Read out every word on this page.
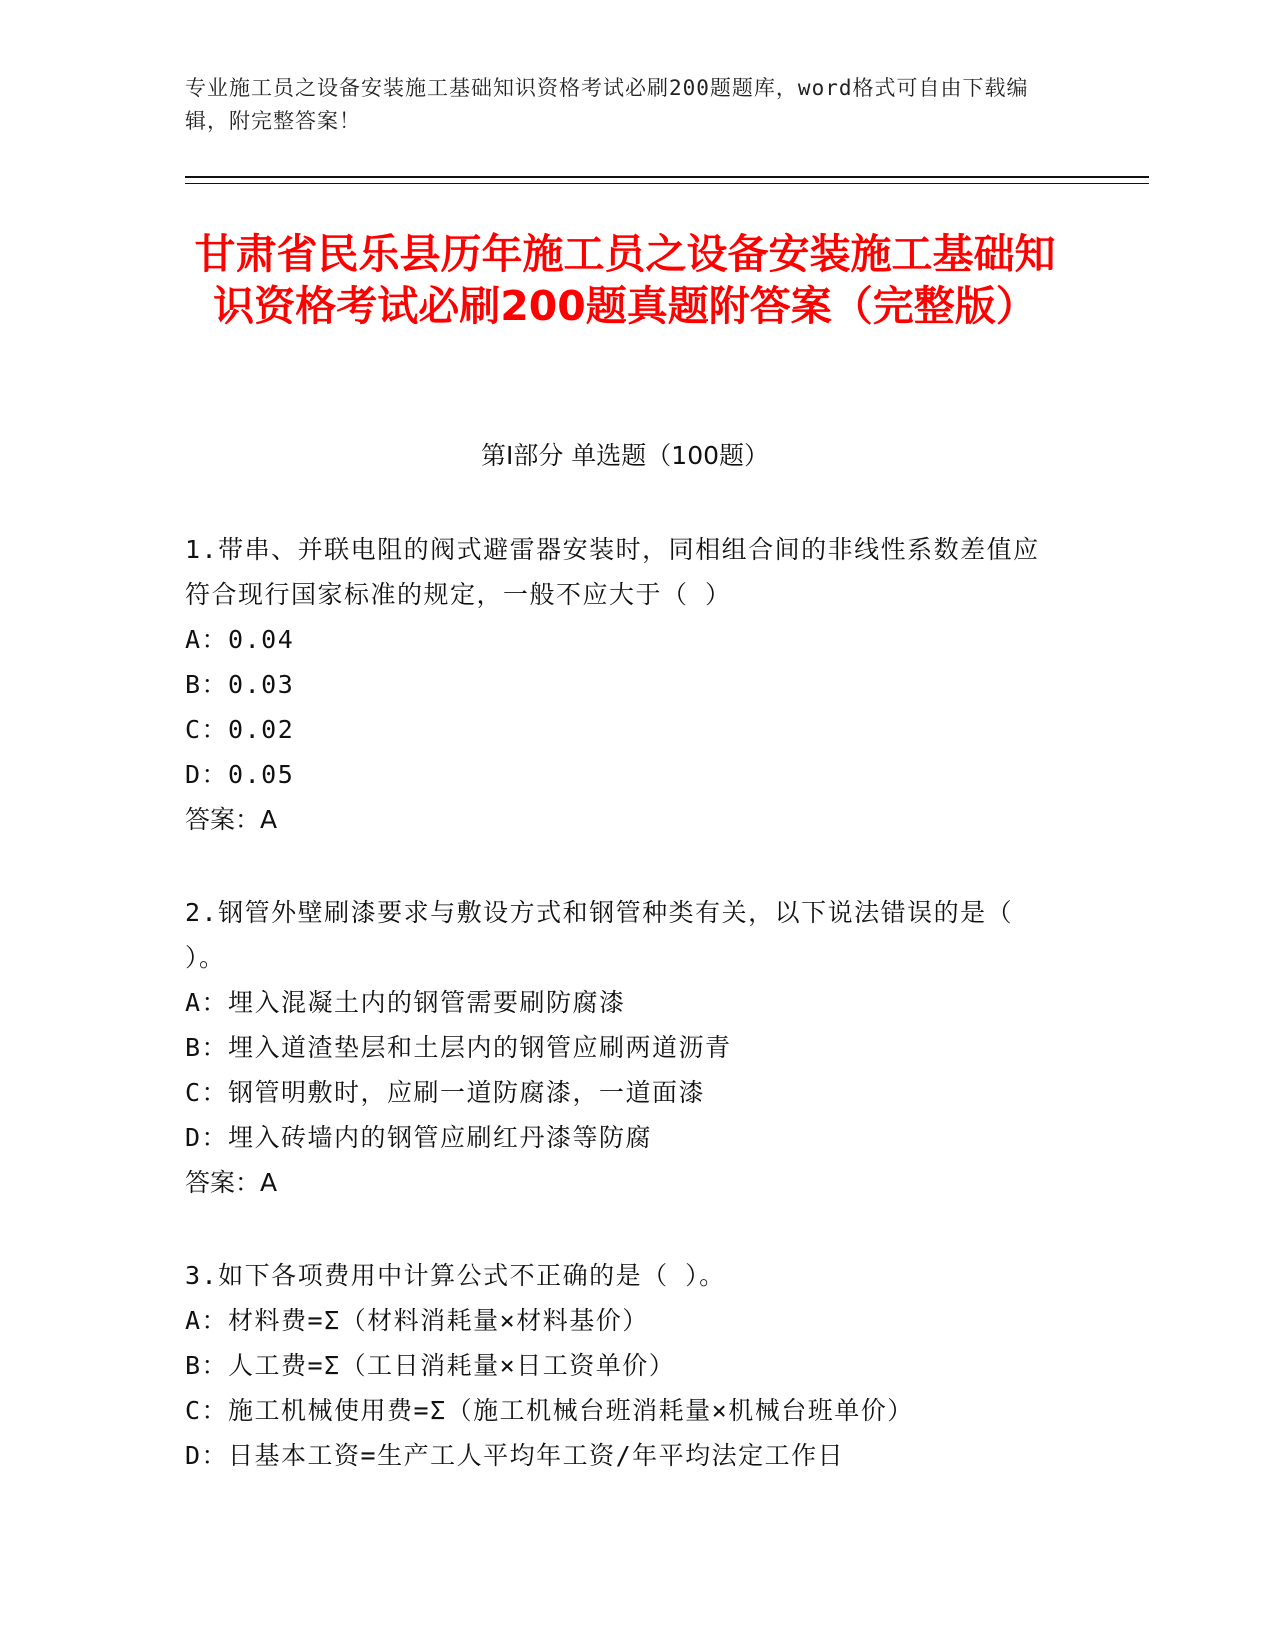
专业施工员之设备安装施工基础知识资格考试必刷200题题库，word格式可自由下载编辑，附完整答案！
甘肃省民乐县历年施工员之设备安装施工基础知识资格考试必刷200题真题附答案（完整版）
第Ⅰ部分 单选题（100题）
1.带串、并联电阻的阀式避雷器安装时，同相组合间的非线性系数差值应符合现行国家标准的规定，一般不应大于（ ）
A：0.04
B：0.03
C：0.02
D：0.05
答案：A
2.钢管外壁刷漆要求与敷设方式和钢管种类有关，以下说法错误的是（ ）。
A：埋入混凝土内的钢管需要刷防腐漆
B：埋入道渣垫层和土层内的钢管应刷两道沥青
C：钢管明敷时，应刷一道防腐漆，一道面漆
D：埋入砖墙内的钢管应刷红丹漆等防腐
答案：A
3.如下各项费用中计算公式不正确的是（ ）。
A：材料费=Σ（材料消耗量×材料基价）
B：人工费=Σ（工日消耗量×日工资单价）
C：施工机械使用费=Σ（施工机械台班消耗量×机械台班单价）
D：日基本工资=生产工人平均年工资/年平均法定工作日
